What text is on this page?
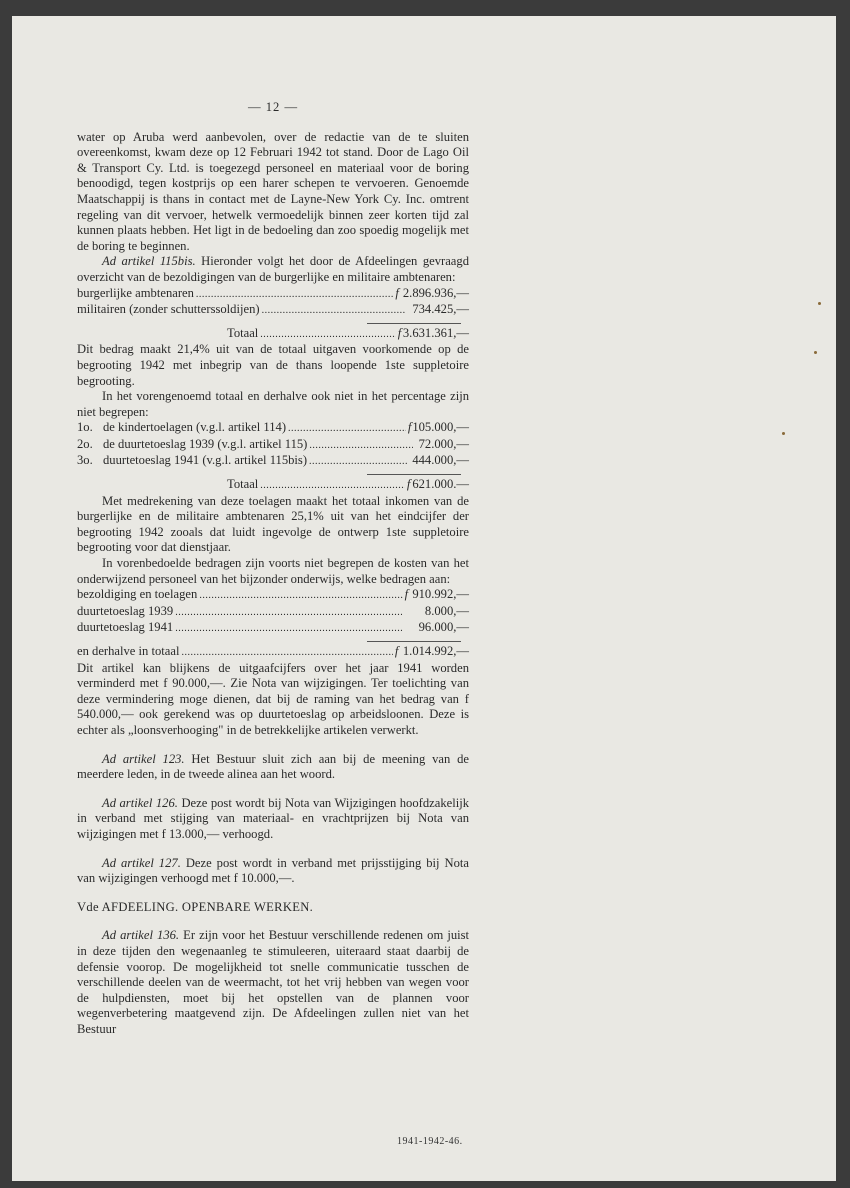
— 12 —

water op Aruba werd aanbevolen, over de redactie van de te sluiten overeenkomst, kwam deze op 12 Februari 1942 tot stand. Door de Lago Oil & Transport Cy. Ltd. is toegezegd personeel en materiaal voor de boring benoodigd, tegen kostprijs op een harer schepen te vervoeren. Genoemde Maatschappij is thans in contact met de Layne-New York Cy. Inc. omtrent regeling van dit vervoer, hetwelk vermoedelijk binnen zeer korten tijd zal kunnen plaats hebben. Het ligt in de bedoeling dan zoo spoedig mogelijk met de boring te beginnen.

Ad artikel 115bis. Hieronder volgt het door de Afdeelingen gevraagd overzicht van de bezoldigingen van de burgerlijke en militaire ambtenaren:

burgerlijke ambtenaren . . .	f 2.896.936, —
militairen (zonder schutterssoldijen) . . .	734.425, —
Totaal . . .	f 3.631.361, —

Dit bedrag maakt 21,4% uit van de totaal uitgaven voorkomende op de begrooting 1942 met inbegrip van de thans loopende 1ste suppletoire begrooting.

In het vorengenoemd totaal en derhalve ook niet in het percentage zijn niet begrepen:

1o. de kindertoelagen (v.g.l. artikel 114) . . .	f 105.000, —
2o. de duurtetoeslag 1939 (v.g.l. artikel 115) . . .	72.000, —
3o. duurtetoeslag 1941 (v.g.l. artikel 115bis) . . .	444.000, —
Totaal . . .	f 621.000. —

Met medrekening van deze toelagen maakt het totaal inkomen van de burgerlijke en de militaire ambtenaren 25,1% uit van het eindcijfer der begrooting 1942 zooals dat luidt ingevolge de ontwerp 1ste suppletoire begrooting voor dat dienstjaar.

In vorenbedoelde bedragen zijn voorts niet begrepen de kosten van het onderwijzend personeel van het bijzonder onderwijs, welke bedragen aan:

bezoldiging en toelagen . . .	f 910.992, —
duurtetoeslag 1939 . . .	8.000, —
duurtetoeslag 1941 . . .	96.000, —
en derhalve in totaal . . .	f 1.014.992, —

Dit artikel kan blijkens de uitgaafcijfers over het jaar 1941 worden verminderd met f 90.000,—. Zie Nota van wijzigingen. Ter toelichting van deze vermindering moge dienen, dat bij de raming van het bedrag van f 540.000,— ook gerekend was op duurtetoeslag op arbeidsloonen. Deze is echter als „loonsverhooging" in de betrekkelijke artikelen verwerkt.

Ad artikel 123. Het Bestuur sluit zich aan bij de meening van de meerdere leden, in de tweede alinea aan het woord.

Ad artikel 126. Deze post wordt bij Nota van Wijzigingen hoofdzakelijk in verband met stijging van materiaal- en vrachtprijzen bij Nota van wijzigingen met f 13.000,— verhoogd.

Ad artikel 127. Deze post wordt in verband met prijsstijging bij Nota van wijzigingen verhoogd met f 10.000,—.

Vde AFDEELING. OPENBARE WERKEN.

Ad artikel 136. Er zijn voor het Bestuur verschillende redenen om juist in deze tijden den wegenaanleg te stimuleeren, uiteraard staat daarbij de defensie voorop. De mogelijkheid tot snelle communicatie tusschen de verschillende deelen van de weermacht, tot het vrij hebben van wegen voor de hulpdiensten, moet bij het opstellen van de plannen voor wegenverbetering maatgevend zijn. De Afdeelingen zullen niet van het Bestuur

1941-1942-46.
